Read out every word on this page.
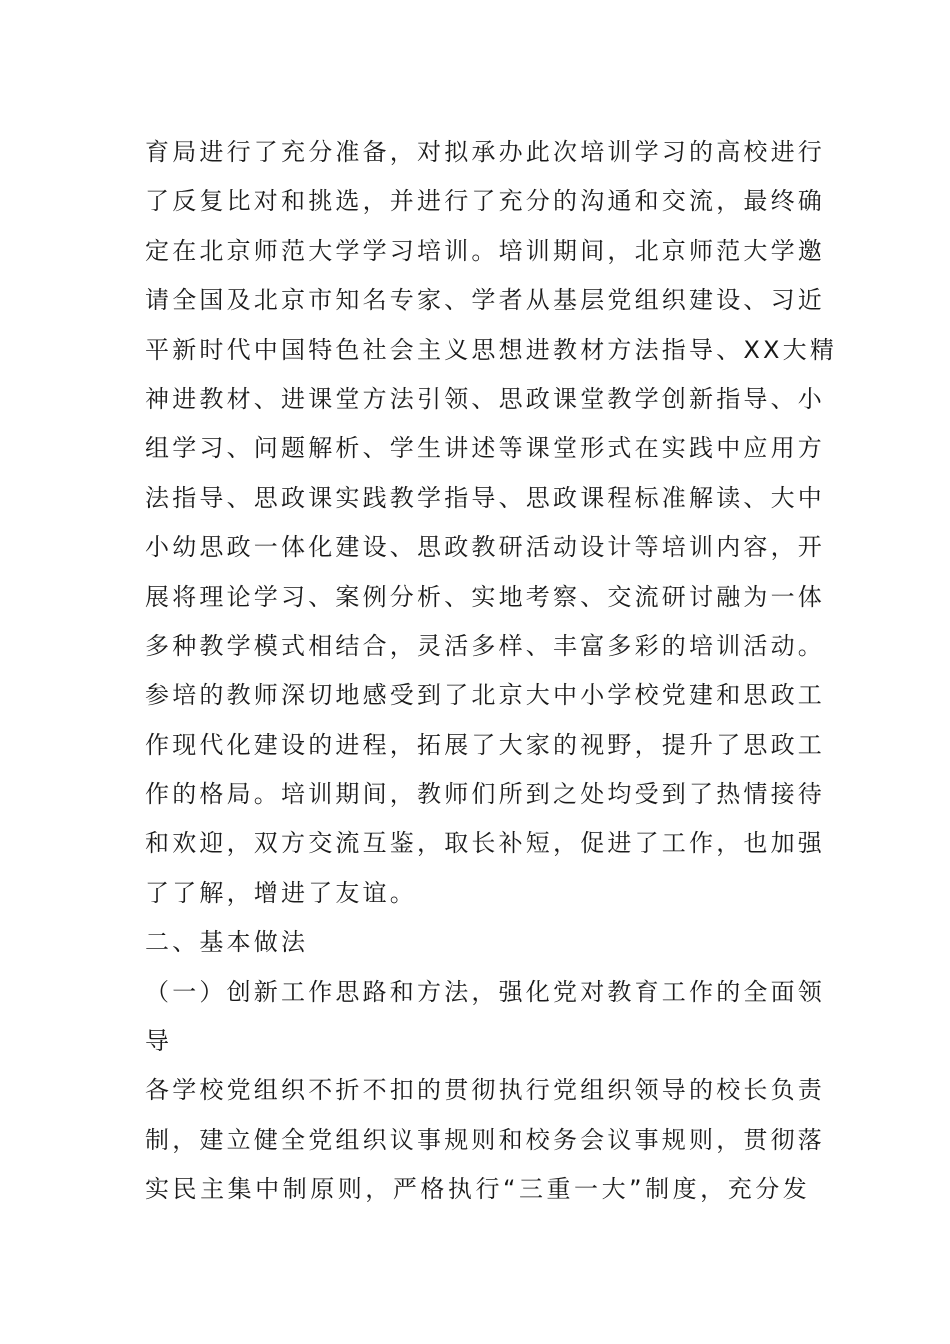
育局进行了充分准备，对拟承办此次培训学习的高校进行
了反复比对和挑选，并进行了充分的沟通和交流，最终确
定在北京师范大学学习培训。培训期间，北京师范大学邀
请全国及北京市知名专家、学者从基层党组织建设、习近
平新时代中国特色社会主义思想进教材方法指导、XX大精
神进教材、进课堂方法引领、思政课堂教学创新指导、小
组学习、问题解析、学生讲述等课堂形式在实践中应用方
法指导、思政课实践教学指导、思政课程标准解读、大中
小幼思政一体化建设、思政教研活动设计等培训内容，开
展将理论学习、案例分析、实地考察、交流研讨融为一体
多种教学模式相结合，灵活多样、丰富多彩的培训活动。
参培的教师深切地感受到了北京大中小学校党建和思政工
作现代化建设的进程，拓展了大家的视野，提升了思政工
作的格局。培训期间，教师们所到之处均受到了热情接待
和欢迎，双方交流互鉴，取长补短，促进了工作，也加强
了了解，增进了友谊。
二、基本做法
（一）创新工作思路和方法，强化党对教育工作的全面领
导
各学校党组织不折不扣的贯彻执行党组织领导的校长负责
制，建立健全党组织议事规则和校务会议事规则，贯彻落
实民主集中制原则，严格执行“三重一大”制度，充分发
